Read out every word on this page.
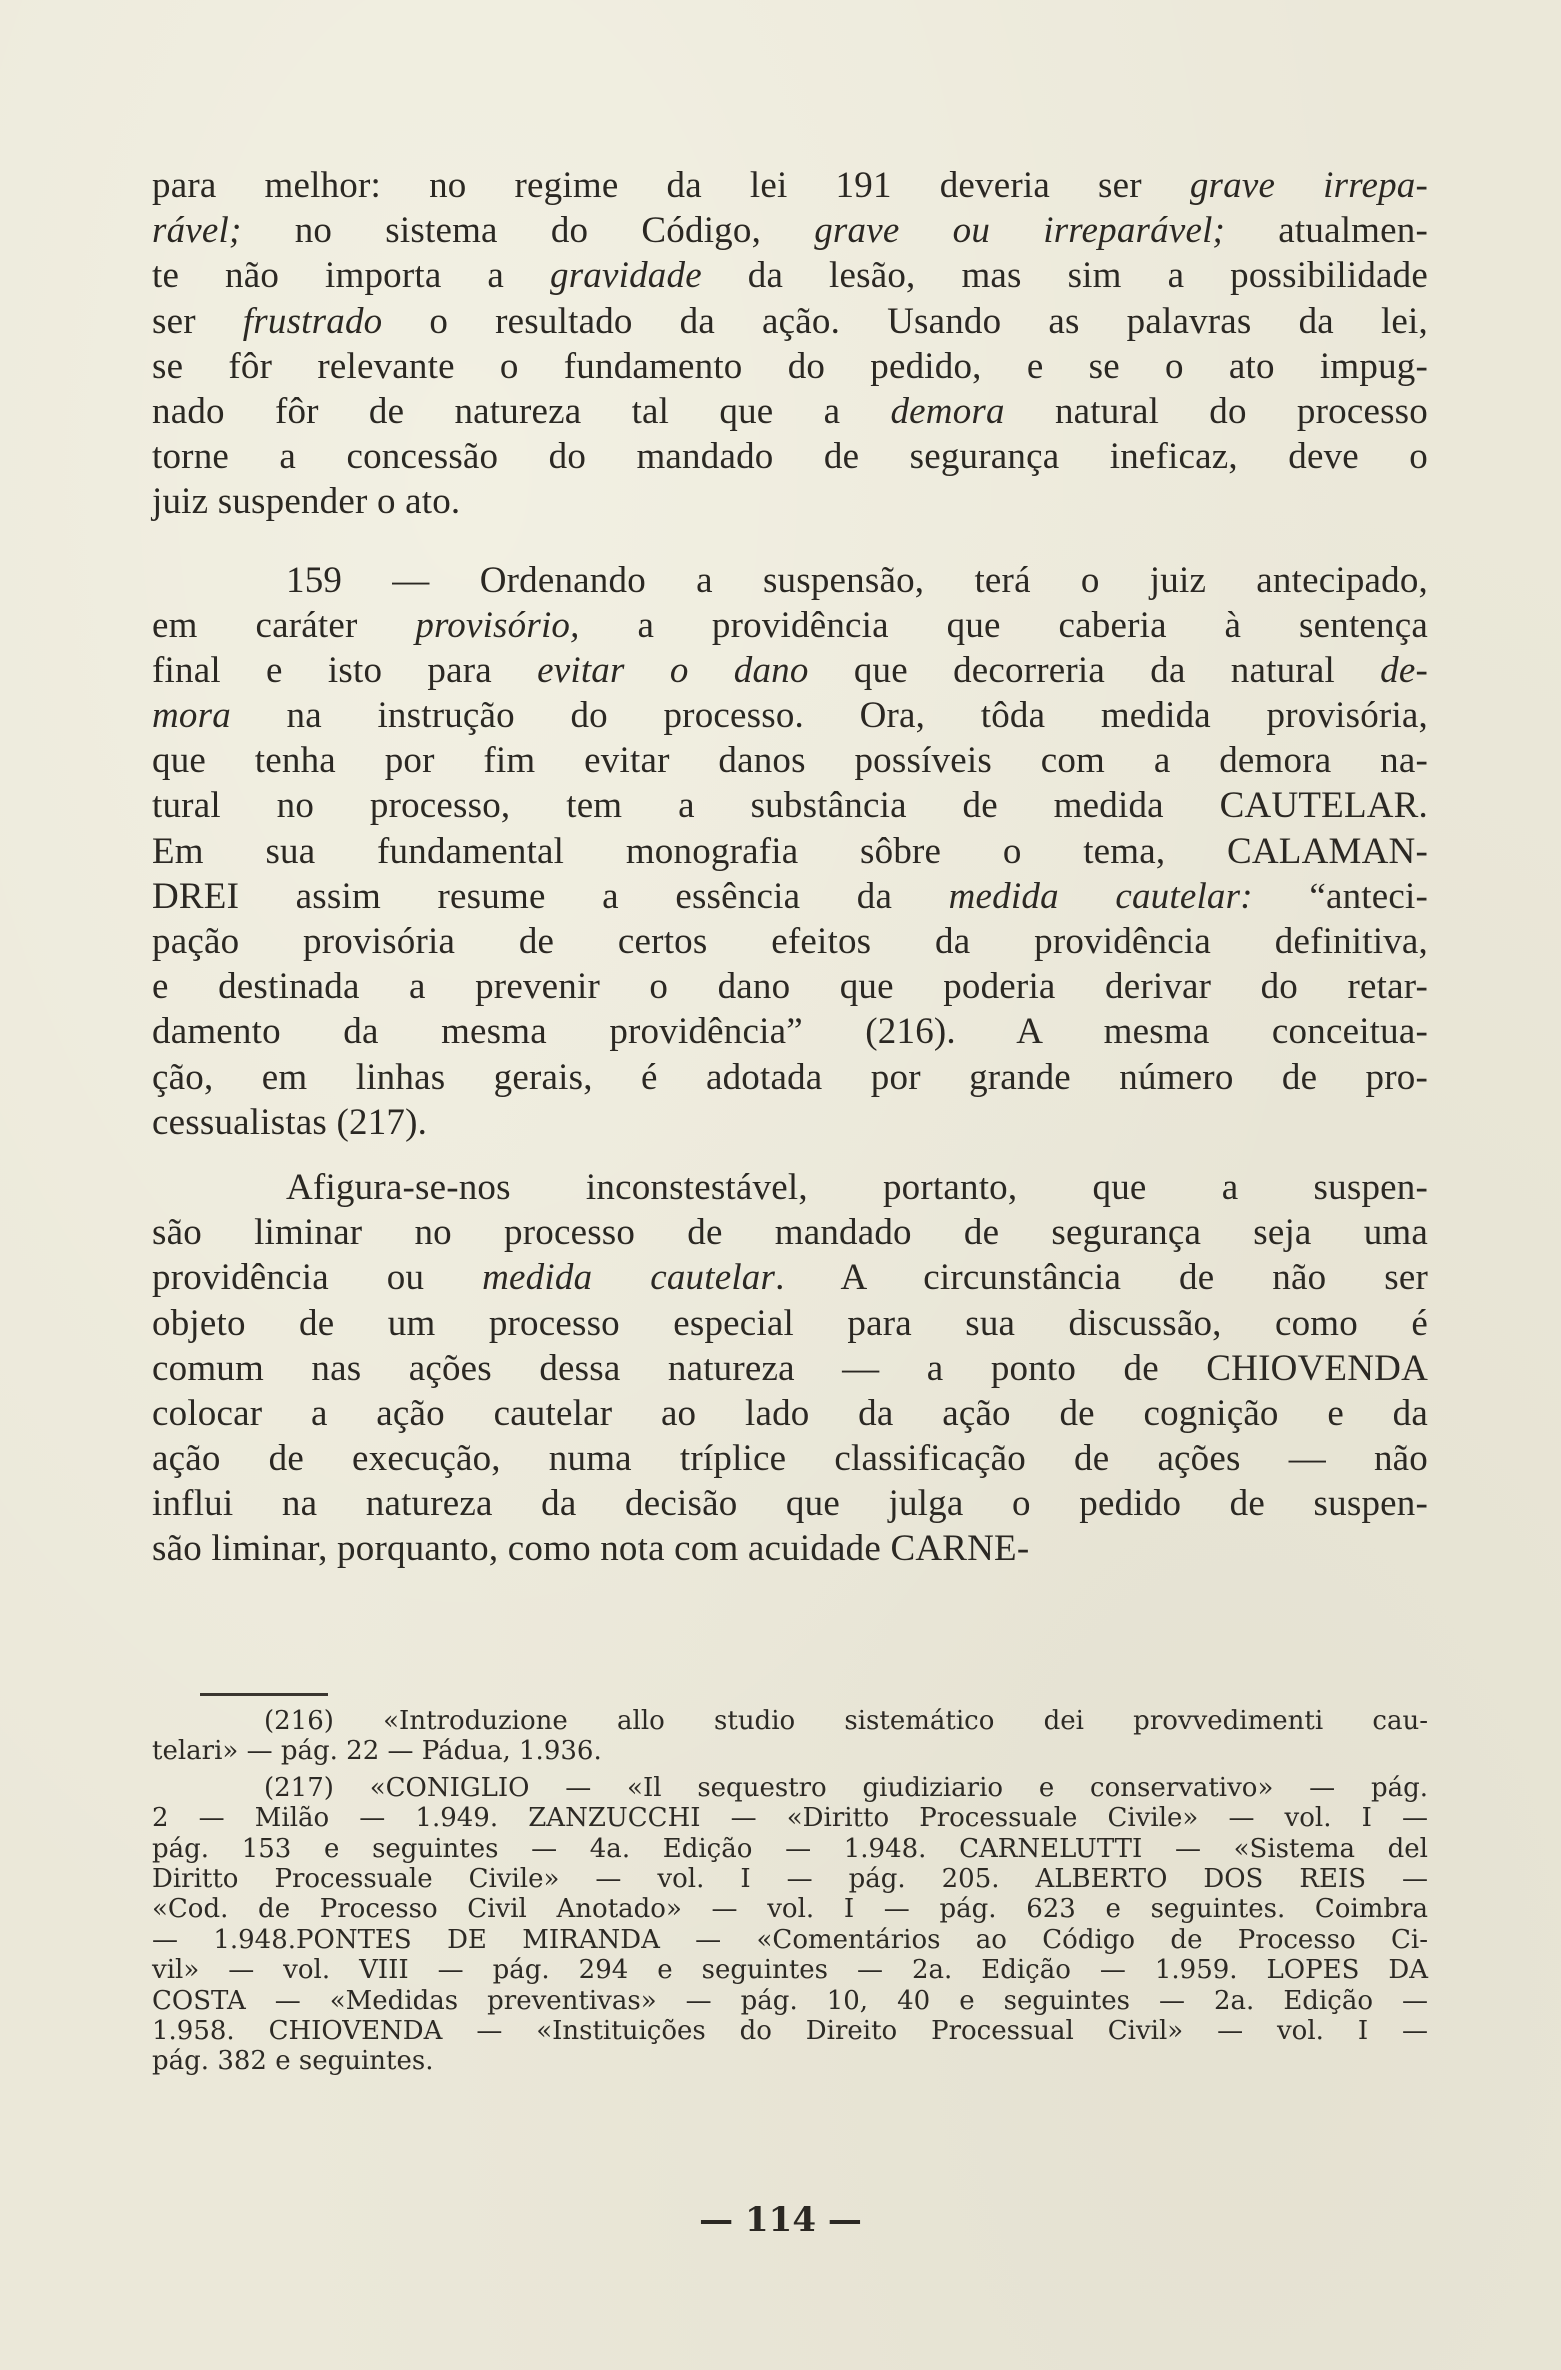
para melhor: no regime da lei 191 deveria ser grave irrepa-
rável; no sistema do Código, grave ou irreparável; atualmen-
te não importa a gravidade da lesão, mas sim a possibilidade
ser frustrado o resultado da ação. Usando as palavras da lei,
se fôr relevante o fundamento do pedido, e se o ato impug-
nado fôr de natureza tal que a demora natural do processo
torne a concessão do mandado de segurança ineficaz, deve o
juiz suspender o ato.
159 — Ordenando a suspensão, terá o juiz antecipado,
em caráter provisório, a providência que caberia à sentença
final e isto para evitar o dano que decorreria da natural de-
mora na instrução do processo. Ora, tôda medida provisória,
que tenha por fim evitar danos possíveis com a demora na-
tural no processo, tem a substância de medida CAUTELAR.
Em sua fundamental monografia sôbre o tema, CALAMAN-
DREI assim resume a essência da medida cautelar: “anteci-
pação provisória de certos efeitos da providência definitiva,
e destinada a prevenir o dano que poderia derivar do retar-
damento da mesma providência” (216). A mesma conceitua-
ção, em linhas gerais, é adotada por grande número de pro-
cessualistas (217).
Afigura-se-nos inconstestável, portanto, que a suspen-
são liminar no processo de mandado de segurança seja uma
providência ou medida cautelar. A circunstância de não ser
objeto de um processo especial para sua discussão, como é
comum nas ações dessa natureza — a ponto de CHIOVENDA
colocar a ação cautelar ao lado da ação de cognição e da
ação de execução, numa tríplice classificação de ações — não
influi na natureza da decisão que julga o pedido de suspen-
são liminar, porquanto, como nota com acuidade CARNE-
(216) «Introduzione allo studio sistemático dei provvedimenti cau-
telari» — pág. 22 — Pádua, 1.936.
(217) «CONIGLIO — «Il sequestro giudiziario e conservativo» — pág.
2 — Milão — 1.949. ZANZUCCHI — «Diritto Processuale Civile» — vol. I —
pág. 153 e seguintes — 4a. Edição — 1.948. CARNELUTTI — «Sistema del
Diritto Processuale Civile» — vol. I — pág. 205. ALBERTO DOS REIS —
«Cod. de Processo Civil Anotado» — vol. I — pág. 623 e seguintes. Coimbra
— 1.948.PONTES DE MIRANDA — «Comentários ao Código de Processo Ci-
vil» — vol. VIII — pág. 294 e seguintes — 2a. Edição — 1.959. LOPES DA
COSTA — «Medidas preventivas» — pág. 10, 40 e seguintes — 2a. Edição —
1.958. CHIOVENDA — «Instituições do Direito Processual Civil» — vol. I —
pág. 382 e seguintes.
— 114 —
